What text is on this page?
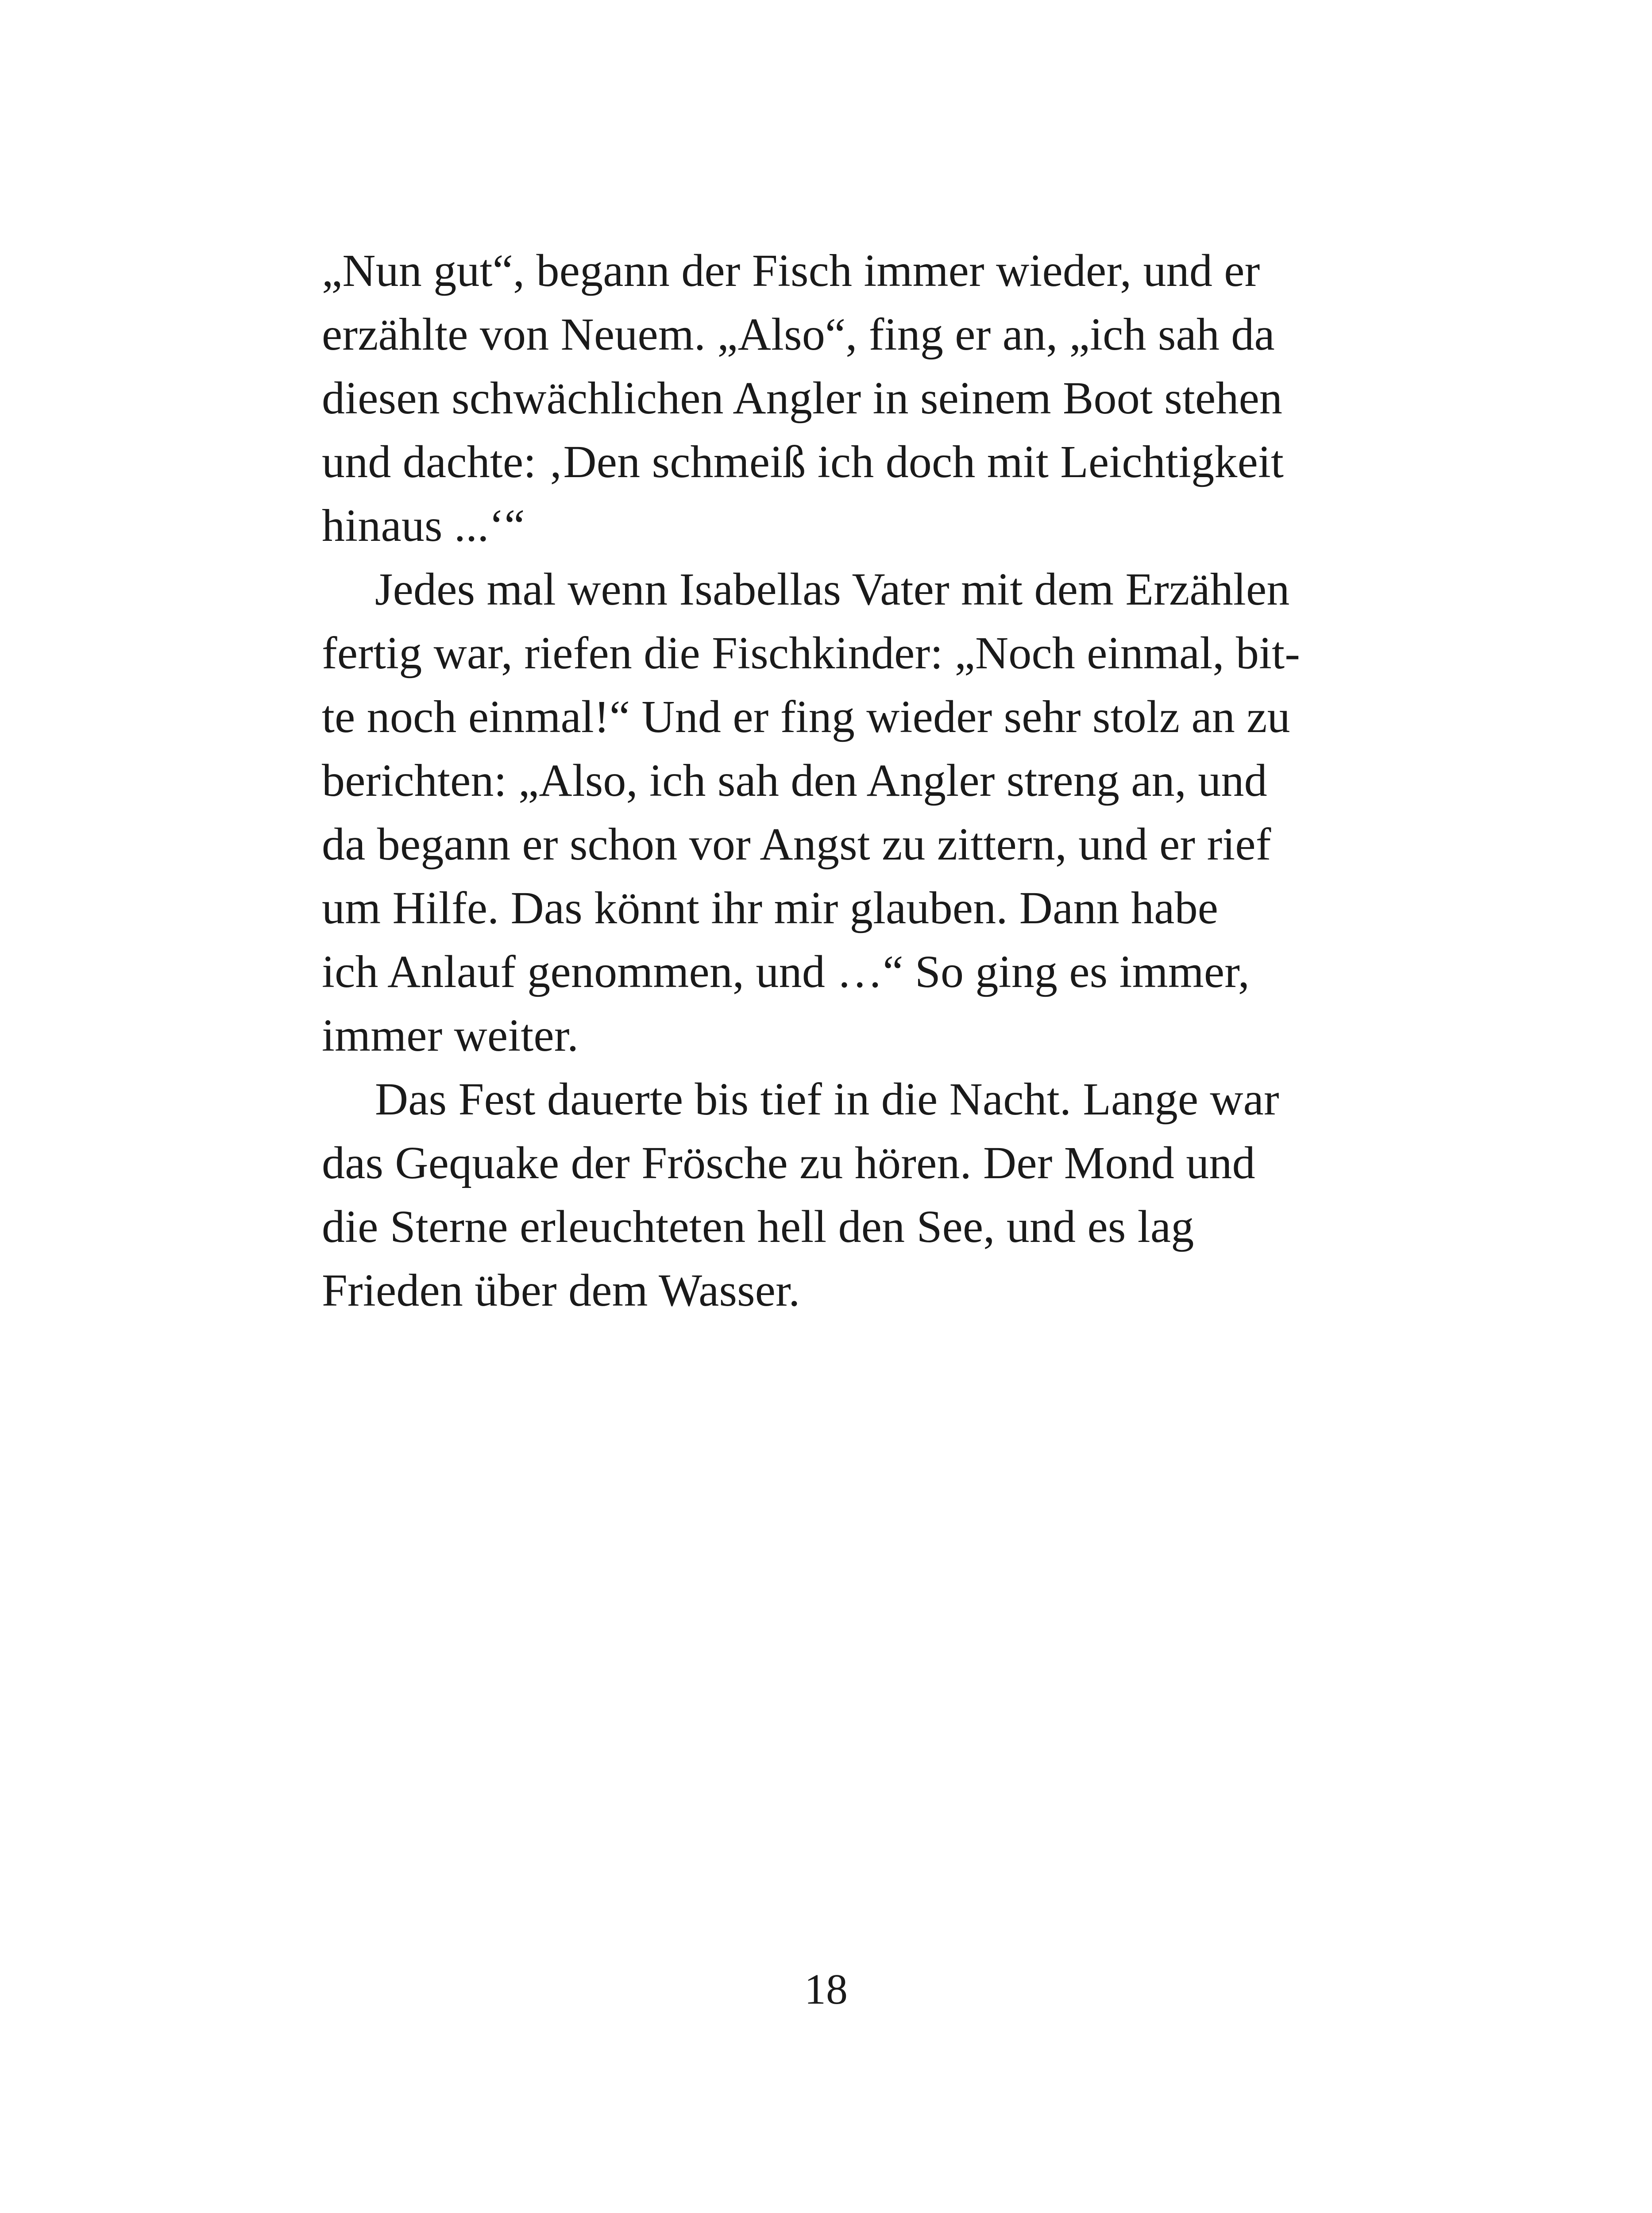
„Nun gut“, begann der Fisch immer wieder, und er
erzählte von Neuem. „Also“, fing er an, „ich sah da
diesen schwächlichen Angler in seinem Boot stehen
und dachte: ‚Den schmeiß ich doch mit Leichtigkeit
hinaus ...‘“
Jedes mal wenn Isabellas Vater mit dem Erzählen
fertig war, riefen die Fischkinder: „Noch einmal, bit-
te noch einmal!“ Und er fing wieder sehr stolz an zu
berichten: „Also, ich sah den Angler streng an, und
da begann er schon vor Angst zu zittern, und er rief
um Hilfe. Das könnt ihr mir glauben. Dann habe
ich Anlauf genommen, und …“ So ging es immer,
immer weiter.
Das Fest dauerte bis tief in die Nacht. Lange war
das Gequake der Frösche zu hören. Der Mond und
die Sterne erleuchteten hell den See, und es lag
Frieden über dem Wasser.
18
